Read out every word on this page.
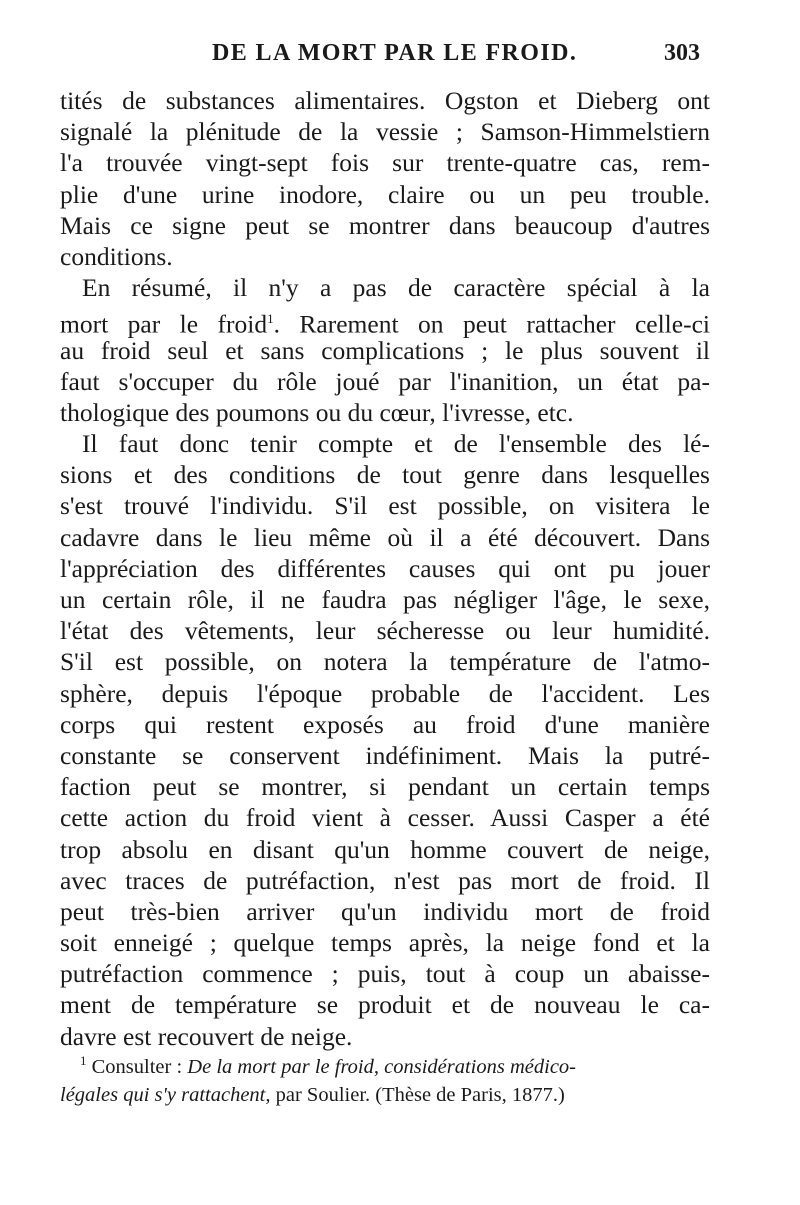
DE LA MORT PAR LE FROID.	303
tités de substances alimentaires. Ogston et Dieberg ont
signalé la plénitude de la vessie ; Samson-Himmelstiern
l'a trouvée vingt-sept fois sur trente-quatre cas, rem-
plie d'une urine inodore, claire ou un peu trouble.
Mais ce signe peut se montrer dans beaucoup d'autres
conditions.
En résumé, il n'y a pas de caractère spécial à la
mort par le froid$^1$. Rarement on peut rattacher celle-ci
au froid seul et sans complications ; le plus souvent il
faut s'occuper du rôle joué par l'inanition, un état pa-
thologique des poumons ou du cœur, l'ivresse, etc.
Il faut donc tenir compte et de l'ensemble des lé-
sions et des conditions de tout genre dans lesquelles
s'est trouvé l'individu. S'il est possible, on visitera le
cadavre dans le lieu même où il a été découvert. Dans
l'appréciation des différentes causes qui ont pu jouer
un certain rôle, il ne faudra pas négliger l'âge, le sexe,
l'état des vêtements, leur sécheresse ou leur humidité.
S'il est possible, on notera la température de l'atmo-
sphère, depuis l'époque probable de l'accident. Les
corps qui restent exposés au froid d'une manière
constante se conservent indéfiniment. Mais la putré-
faction peut se montrer, si pendant un certain temps
cette action du froid vient à cesser. Aussi Casper a été
trop absolu en disant qu'un homme couvert de neige,
avec traces de putréfaction, n'est pas mort de froid. Il
peut très-bien arriver qu'un individu mort de froid
soit enneigé ; quelque temps après, la neige fond et la
putréfaction commence ; puis, tout à coup un abaisse-
ment de température se produit et de nouveau le ca-
davre est recouvert de neige.
$^1$ Consulter : De la mort par le froid, considérations médico-
légales qui s'y rattachent, par Soulier. (Thèse de Paris, 1877.)
